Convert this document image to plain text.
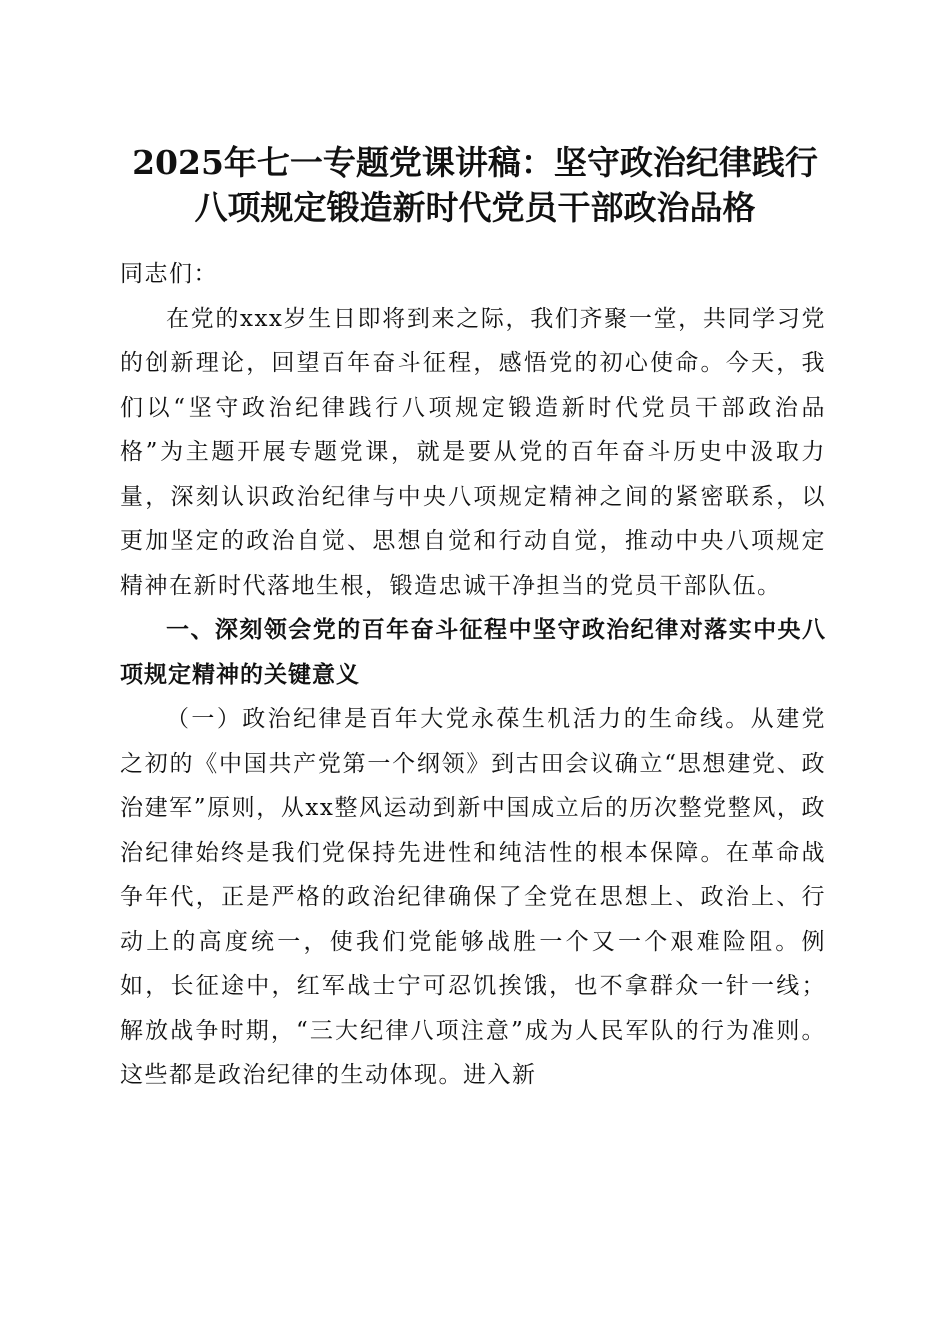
2025年七一专题党课讲稿：坚守政治纪律践行八项规定锻造新时代党员干部政治品格

同志们：

在党的xxx岁生日即将到来之际，我们齐聚一堂，共同学习党的创新理论，回望百年奋斗征程，感悟党的初心使命。今天，我们以“坚守政治纪律践行八项规定锻造新时代党员干部政治品格”为主题开展专题党课，就是要从党的百年奋斗历史中汲取力量，深刻认识政治纪律与中央八项规定精神之间的紧密联系，以更加坚定的政治自觉、思想自觉和行动自觉，推动中央八项规定精神在新时代落地生根，锻造忠诚干净担当的党员干部队伍。

一、深刻领会党的百年奋斗征程中坚守政治纪律对落实中央八项规定精神的关键意义

（一）政治纪律是百年大党永葆生机活力的生命线。从建党之初的《中国共产党第一个纲领》到古田会议确立“思想建党、政治建军”原则，从xx整风运动到新中国成立后的历次整党整风，政治纪律始终是我们党保持先进性和纯洁性的根本保障。在革命战争年代，正是严格的政治纪律确保了全党在思想上、政治上、行动上的高度统一，使我们党能够战胜一个又一个艰难险阻。例如，长征途中，红军战士宁可忍饥挨饿，也不拿群众一针一线；解放战争时期，“三大纪律八项注意”成为人民军队的行为准则。这些都是政治纪律的生动体现。进入新
